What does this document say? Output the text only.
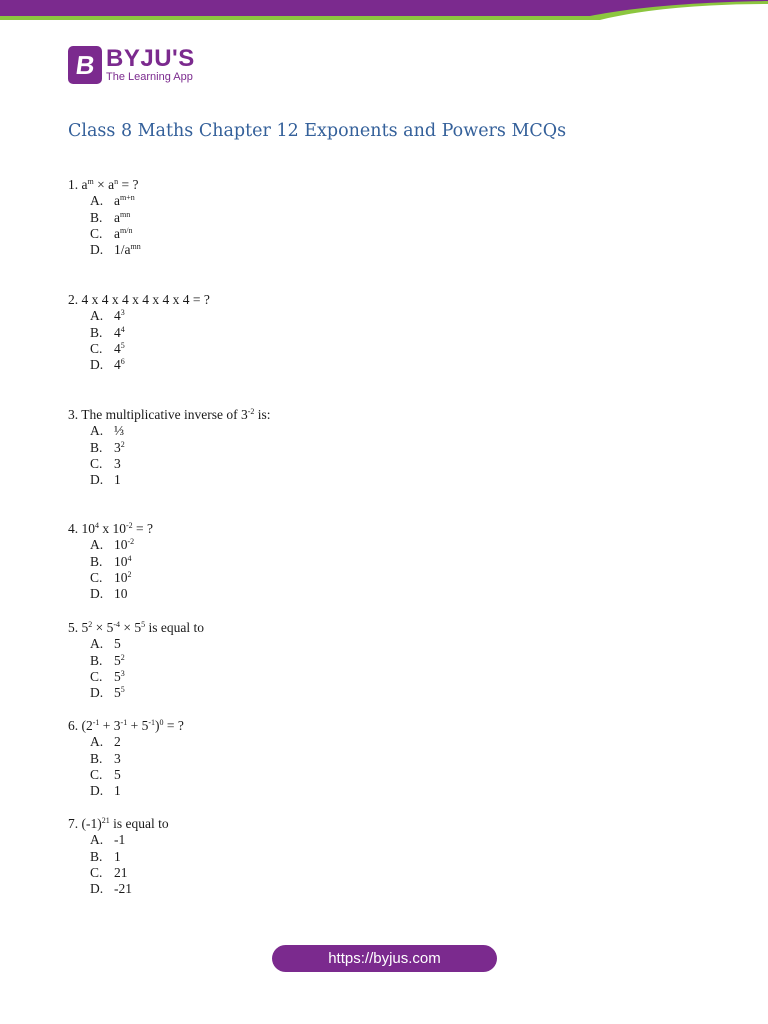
B BYJU'S
The Learning App
Class 8 Maths Chapter 12 Exponents and Powers MCQs
1. $a^m \times a^n$ = ?
A. $a^{m+n}$
B. $a^{mn}$
C. $a^{m/n}$
D. $1/a^{mn}$
2. 4 x 4 x 4 x 4 x 4 x 4 = ?
A. $4^3$
B. $4^4$
C. $4^5$
D. $4^6$
3. The multiplicative inverse of $3^{-2}$ is:
A. ⅓
B. $3^2$
C. 3
D. 1
4. $10^4$ x $10^{-2}$ = ?
A. $10^{-2}$
B. $10^4$
C. $10^2$
D. 10
5. $5^2 \times 5^{-4} \times 5^5$ is equal to
A. 5
B. $5^2$
C. $5^3$
D. $5^5$
6. $(2^{-1} + 3^{-1} + 5^{-1})^0$ = ?
A. 2
B. 3
C. 5
D. 1
7. $(-1)^{21}$ is equal to
A. -1
B. 1
C. 21
D. -21
https://byjus.com
